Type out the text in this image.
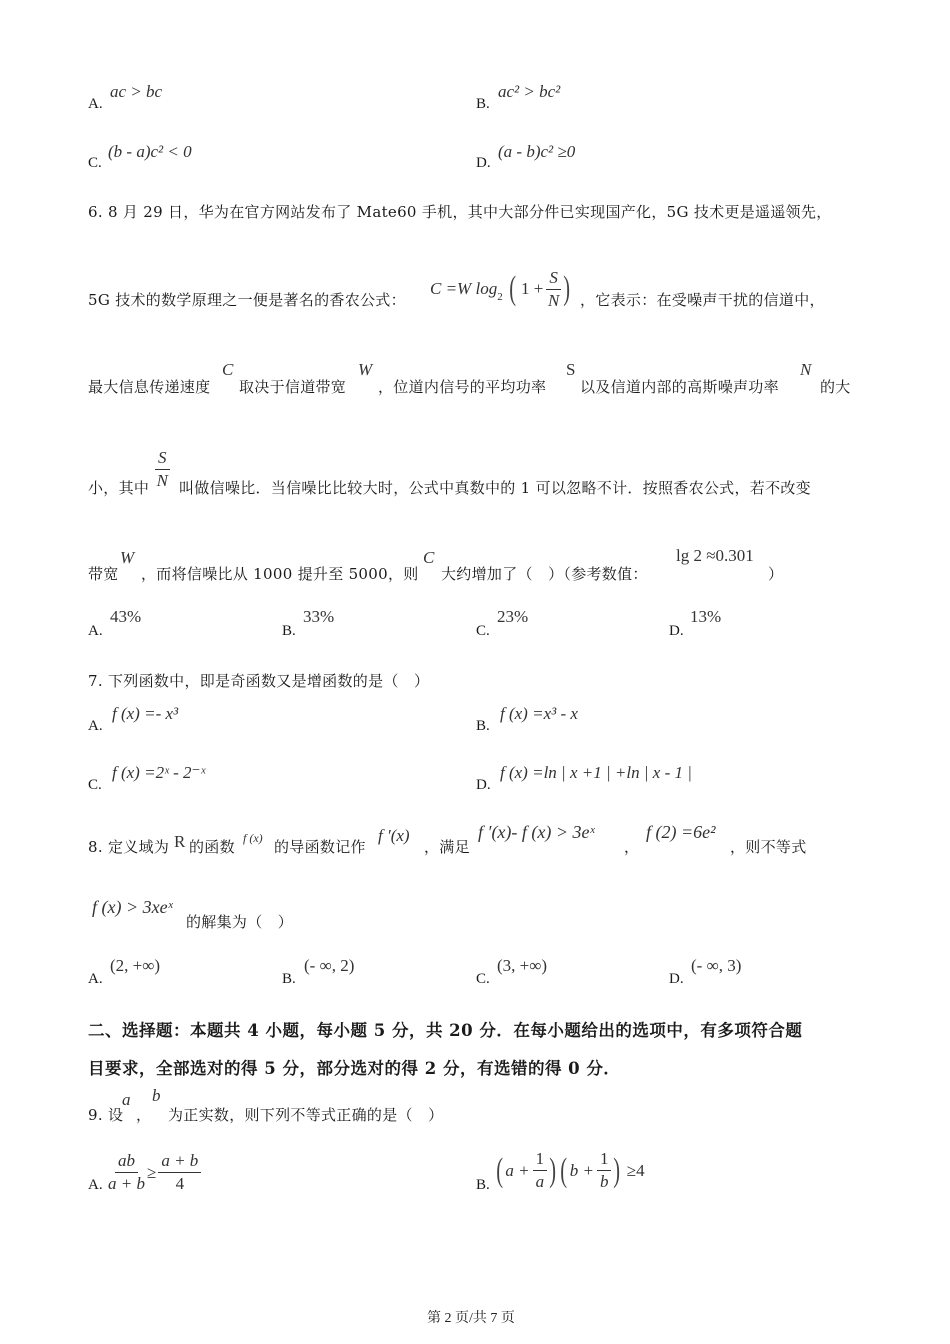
A.
ac > bc
B.
ac² > bc²
C.
(b - a)c² < 0
D.
(a - b)c² ≥0
6. 8 月 29 日，华为在官方网站发布了 Mate60 手机，其中大部分件已实现国产化，5G 技术更是遥遥领先，
5G 技术的数学原理之一便是著名的香农公式：
C =W log 2 ( $1 + \frac{S}{N}$ ) ，它表示：在受噪声干扰的信道中，
最大信息传递速度
C
取决于信道带宽
W
，位道内信号的平均功率
S
以及信道内部的高斯噪声功率
N
的大
小，其中 $\frac{S}{N}$ 叫做信噪比．当信噪比比较大时，公式中真数中的 1 可以忽略不计．按照香农公式，若不改变
带宽
W
，而将信噪比从 1000 提升至 5000，则
C
大约增加了（　）（参考数值：
lg 2 ≈0.301
）
A.
43%
B.
33%
C.
23%
D.
13%
7. 下列函数中，即是奇函数又是增函数的是（　）
A.
f (x) =- x³
B.
f (x) =x³ - x
C.
f (x) =2ˣ - 2⁻ˣ
D.
f (x) =ln | x +1 | +ln | x - 1 |
8. 定义域为 R 的函数 f (x) 的导函数记作
f ′(x)
，满足
f ′(x)- f (x) > 3eˣ
，
f (2) =6e²
，则不等式
f (x) > 3xeˣ
的解集为（　）
A.
(2, +∞)
B.
(- ∞, 2)
C.
(3, +∞)
D.
(- ∞, 3)
二、选择题：本题共 4 小题，每小题 5 分，共 20 分．在每小题给出的选项中，有多项符合题
目要求，全部选对的得 5 分，部分选对的得 2 分，有选错的得 0 分．
9. 设
a
，
b
为正实数，则下列不等式正确的是（　）
A. $\frac{ab}{a + b} \ge \frac{a + b}{4}$	B. ( $a + \frac{1}{a}$ ) ( $b + \frac{1}{b}$ ) ≥4
第 2 页/共 7 页
